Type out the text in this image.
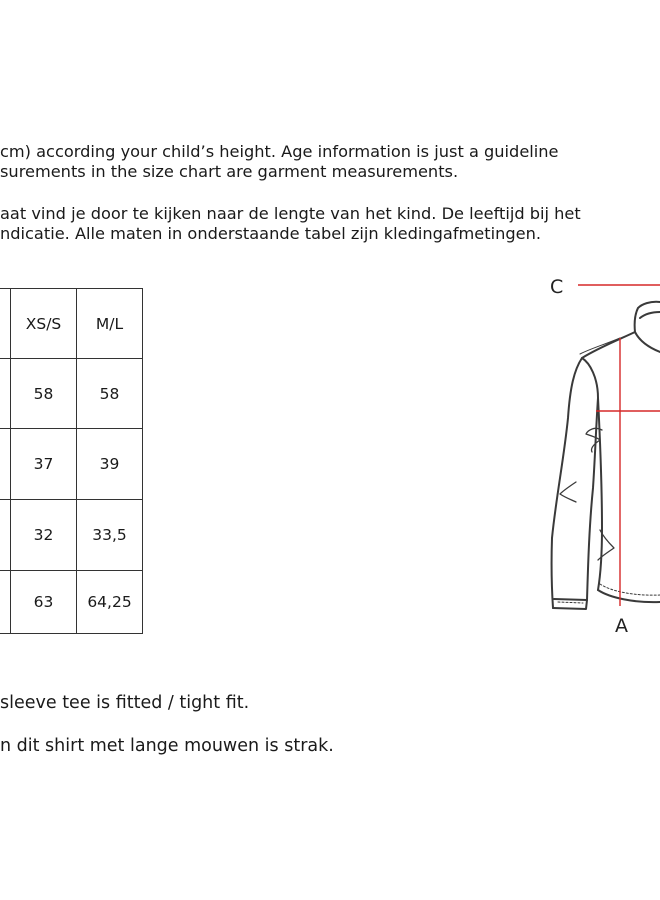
cm) according your child’s height. Age information is just a guideline
surements in the size chart are garment measurements.
aat vind je door te kijken naar de lengte van het kind. De leeftijd bij het
ndicatie. Alle maten in onderstaande tabel zijn kledingafmetingen.
	XS/S	M/L
	58	58
	37	39
	32	33,5
	63	64,25
C
A
sleeve tee is fitted / tight fit.
n dit shirt met lange mouwen is strak.
